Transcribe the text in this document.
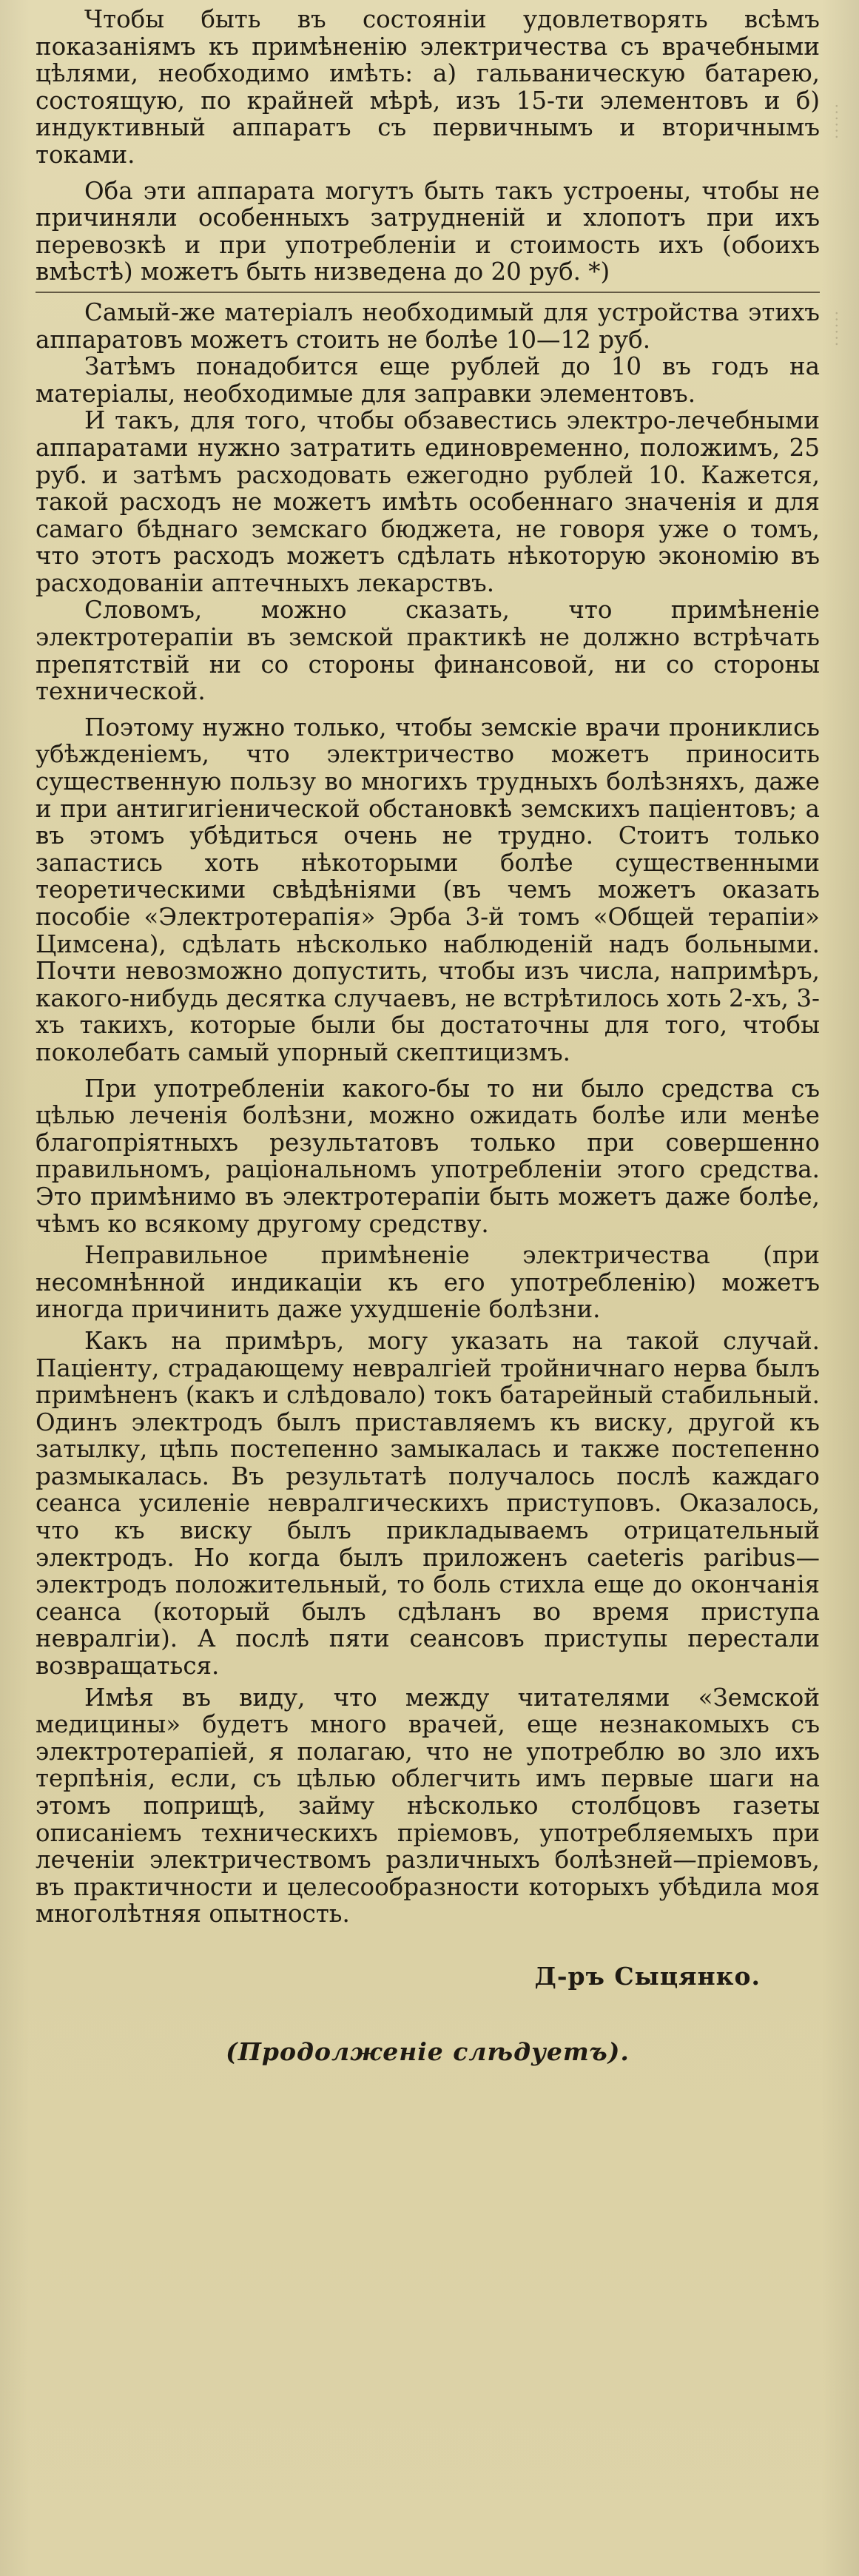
······
······

Чтобы быть въ состоянiи удовлетворять всѣмъ показанiямъ къ примѣненiю электричества съ врачебными цѣлями, необходимо имѣть: а) гальваническую батарею, состоящую, по крайней мѣрѣ, изъ 15-ти элементовъ и б) индуктивный аппаратъ съ первичнымъ и вторичнымъ токами.

Оба эти аппарата могутъ быть такъ устроены, чтобы не причиняли особенныхъ затрудненiй и хлопотъ при ихъ перевозкѣ и при употребленiи и стоимость ихъ (обоихъ вмѣстѣ) можетъ быть низведена до 20 руб. *)

Самый-же матерiалъ необходимый для устройства этихъ аппаратовъ можетъ стоить не болѣе 10—12 руб.

Затѣмъ понадобится еще рублей до 10 въ годъ на матерiалы, необходимые для заправки элементовъ.

И такъ, для того, чтобы обзавестись электро-лечебными аппаратами нужно затратить единовременно, положимъ, 25 руб. и затѣмъ расходовать ежегодно рублей 10. Кажется, такой расходъ не можетъ имѣть особеннаго значенiя и для самаго бѣднаго земскаго бюджета, не говоря уже о томъ, что этотъ расходъ можетъ сдѣлать нѣкоторую экономiю въ расходованiи аптечныхъ лекарствъ.

Словомъ, можно сказать, что примѣненiе электротерапiи въ земской практикѣ не должно встрѣчать препятствiй ни со стороны финансовой, ни со стороны технической.

Поэтому нужно только, чтобы земскiе врачи прониклись убѣжденiемъ, что электричество можетъ приносить существенную пользу во многихъ трудныхъ болѣзняхъ, даже и при антигигiенической обстановкѣ земскихъ пацiентовъ; а въ этомъ убѣдиться очень не трудно. Стоитъ только запастись хоть нѣкоторыми болѣе существенными теоретическими свѣдѣнiями (въ чемъ можетъ оказать пособiе «Электротерапiя» Эрба 3-й томъ «Общей терапiи» Цимсена), сдѣлать нѣсколько наблюденiй надъ больными. Почти невозможно допустить, чтобы изъ числа, напримѣръ, какого-нибудь десятка случаевъ, не встрѣтилось хоть 2-хъ, 3-хъ такихъ, которые были бы достаточны для того, чтобы поколебать самый упорный скептицизмъ.

При употребленiи какого-бы то ни было средства съ цѣлью леченiя болѣзни, можно ожидать болѣе или менѣе благопрiятныхъ результатовъ только при совершенно правильномъ, рацiональномъ употребленiи этого средства. Это примѣнимо въ электротерапiи быть можетъ даже болѣе, чѣмъ ко всякому другому средству.

Неправильное примѣненiе электричества (при несомнѣнной индикацiи къ его употребленiю) можетъ иногда причинить даже ухудшенiе болѣзни.

Какъ на примѣръ, могу указать на такой случай. Пацiенту, страдающему невралгiей тройничнаго нерва былъ примѣненъ (какъ и слѣдовало) токъ батарейный стабильный. Одинъ электродъ былъ приставляемъ къ виску, другой къ затылку, цѣпь постепенно замыкалась и также постепенно размыкалась. Въ результатѣ получалось послѣ каждаго сеанса усиленiе невралгическихъ приступовъ. Оказалось, что къ виску былъ прикладываемъ отрицательный электродъ. Но когда былъ приложенъ caeteris paribus—электродъ положительный, то боль стихла еще до окончанiя сеанса (который былъ сдѣланъ во время приступа невралгiи). А послѣ пяти сеансовъ приступы перестали возвращаться.

Имѣя въ виду, что между читателями «Земской медицины» будетъ много врачей, еще незнакомыхъ съ электротерапiей, я полагаю, что не употреблю во зло ихъ терпѣнiя, если, съ цѣлью облегчить имъ первые шаги на этомъ поприщѣ, займу нѣсколько столбцовъ газеты описанiемъ техническихъ прiемовъ, употребляемыхъ при леченiи электричествомъ различныхъ болѣзней—прiемовъ, въ практичности и целесообразности которыхъ убѣдила моя многолѣтняя опытность.

Д-ръ Сыцянко.
(Продолженiе слѣдуетъ).
